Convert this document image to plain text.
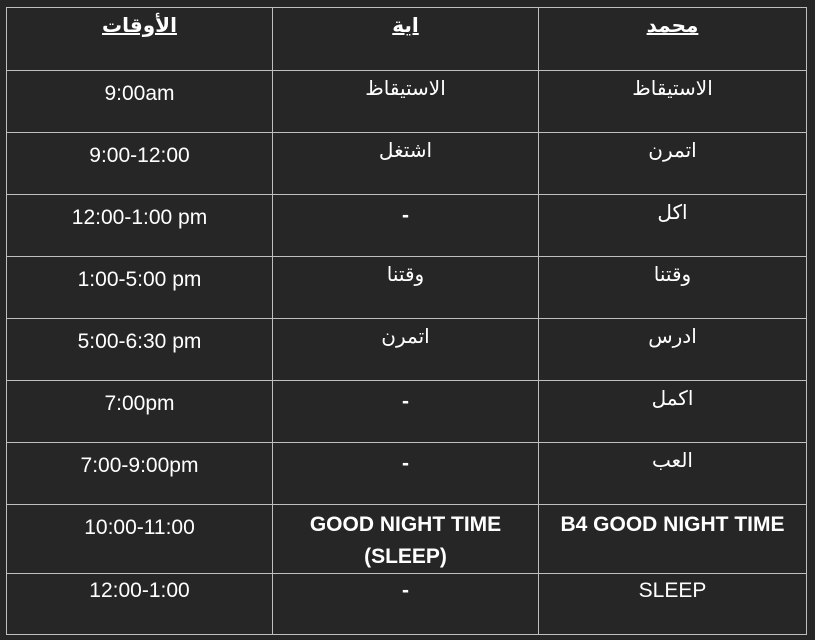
الأوقات	اية	محمد
9:00am	الاستيقاظ	الاستيقاظ
9:00-12:00	اشتغل	اتمرن
12:00-1:00 pm	-	اكل
1:00-5:00 pm	وقتنا	وقتنا
5:00-6:30 pm	اتمرن	ادرس
7:00pm	-	اكمل
7:00-9:00pm	-	العب
10:00-11:00	GOOD NIGHT TIME (SLEEP)	B4 GOOD NIGHT TIME
12:00-1:00	-	SLEEP
